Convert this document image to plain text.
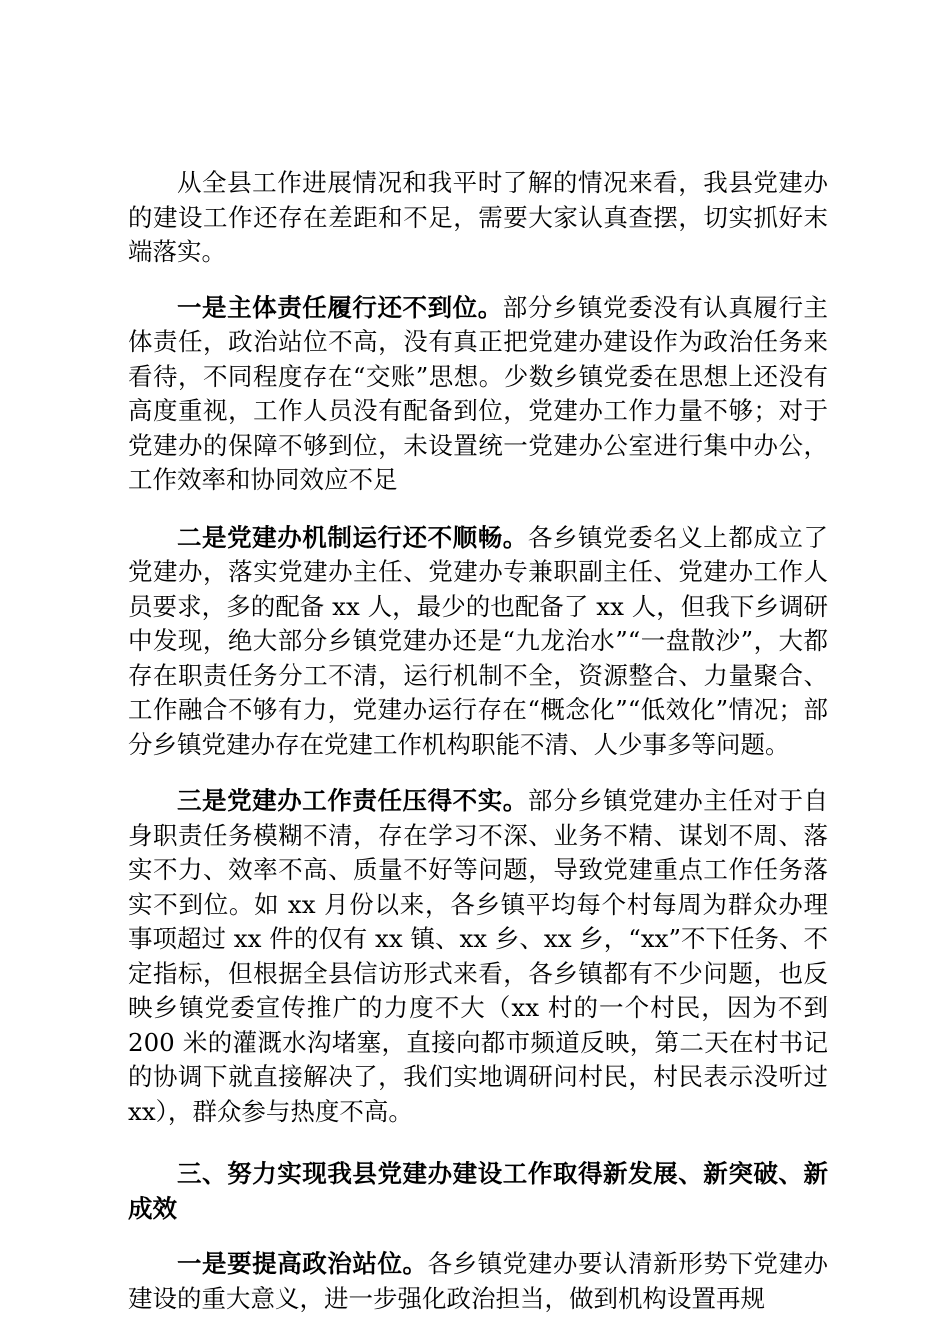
从全县工作进展情况和我平时了解的情况来看，我县党建办的建设工作还存在差距和不足，需要大家认真查摆，切实抓好末端落实。

一是主体责任履行还不到位。部分乡镇党委没有认真履行主体责任，政治站位不高，没有真正把党建办建设作为政治任务来看待，不同程度存在“交账”思想。少数乡镇党委在思想上还没有高度重视，工作人员没有配备到位，党建办工作力量不够；对于党建办的保障不够到位，未设置统一党建办公室进行集中办公，工作效率和协同效应不足

二是党建办机制运行还不顺畅。各乡镇党委名义上都成立了党建办，落实党建办主任、党建办专兼职副主任、党建办工作人员要求，多的配备 xx 人，最少的也配备了 xx 人，但我下乡调研中发现，绝大部分乡镇党建办还是“九龙治水”“一盘散沙”，大都存在职责任务分工不清，运行机制不全，资源整合、力量聚合、工作融合不够有力，党建办运行存在“概念化”“低效化”情况；部分乡镇党建办存在党建工作机构职能不清、人少事多等问题。

三是党建办工作责任压得不实。部分乡镇党建办主任对于自身职责任务模糊不清，存在学习不深、业务不精、谋划不周、落实不力、效率不高、质量不好等问题，导致党建重点工作任务落实不到位。如 xx 月份以来，各乡镇平均每个村每周为群众办理事项超过 xx 件的仅有 xx 镇、xx 乡、xx 乡，“xx”不下任务、不定指标，但根据全县信访形式来看，各乡镇都有不少问题，也反映乡镇党委宣传推广的力度不大（xx 村的一个村民，因为不到 200 米的灌溉水沟堵塞，直接向都市频道反映，第二天在村书记的协调下就直接解决了，我们实地调研问村民，村民表示没听过 xx），群众参与热度不高。

三、努力实现我县党建办建设工作取得新发展、新突破、新成效

一是要提高政治站位。各乡镇党建办要认清新形势下党建办建设的重大意义，进一步强化政治担当，做到机构设置再规
